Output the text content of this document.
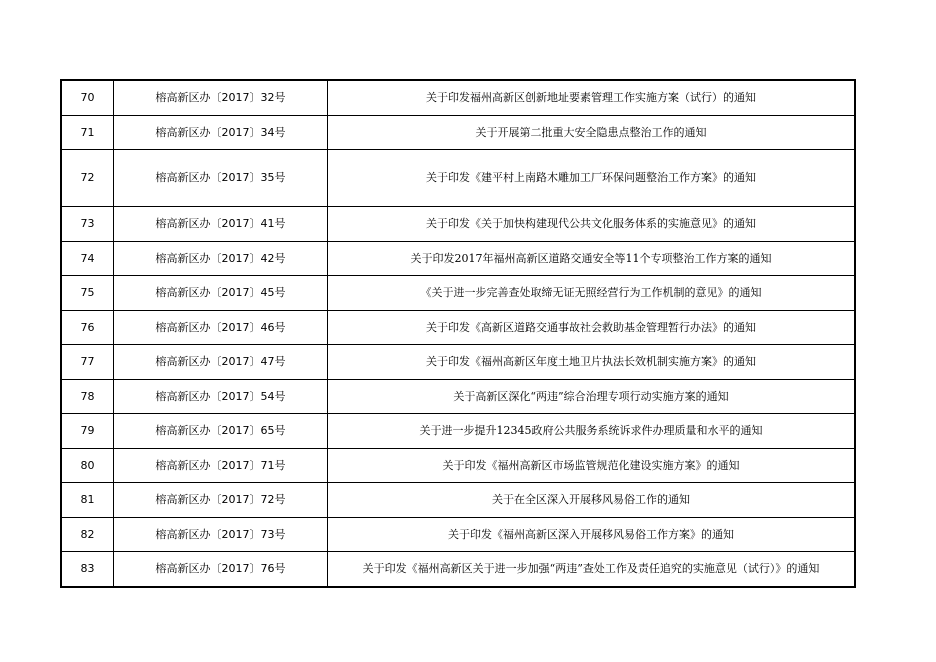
70	榕高新区办〔2017〕32号	关于印发福州高新区创新地址要素管理工作实施方案（试行）的通知
71	榕高新区办〔2017〕34号	关于开展第二批重大安全隐患点整治工作的通知
72	榕高新区办〔2017〕35号	关于印发《建平村上南路木雕加工厂环保问题整治工作方案》的通知
73	榕高新区办〔2017〕41号	关于印发《关于加快构建现代公共文化服务体系的实施意见》的通知
74	榕高新区办〔2017〕42号	关于印发2017年福州高新区道路交通安全等11个专项整治工作方案的通知
75	榕高新区办〔2017〕45号	《关于进一步完善查处取缔无证无照经营行为工作机制的意见》的通知
76	榕高新区办〔2017〕46号	关于印发《高新区道路交通事故社会救助基金管理暂行办法》的通知
77	榕高新区办〔2017〕47号	关于印发《福州高新区年度土地卫片执法长效机制实施方案》的通知
78	榕高新区办〔2017〕54号	关于高新区深化“两违”综合治理专项行动实施方案的通知
79	榕高新区办〔2017〕65号	关于进一步提升12345政府公共服务系统诉求件办理质量和水平的通知
80	榕高新区办〔2017〕71号	关于印发《福州高新区市场监管规范化建设实施方案》的通知
81	榕高新区办〔2017〕72号	关于在全区深入开展移风易俗工作的通知
82	榕高新区办〔2017〕73号	关于印发《福州高新区深入开展移风易俗工作方案》的通知
83	榕高新区办〔2017〕76号	关于印发《福州高新区关于进一步加强“两违”查处工作及责任追究的实施意见（试行）》的通知
